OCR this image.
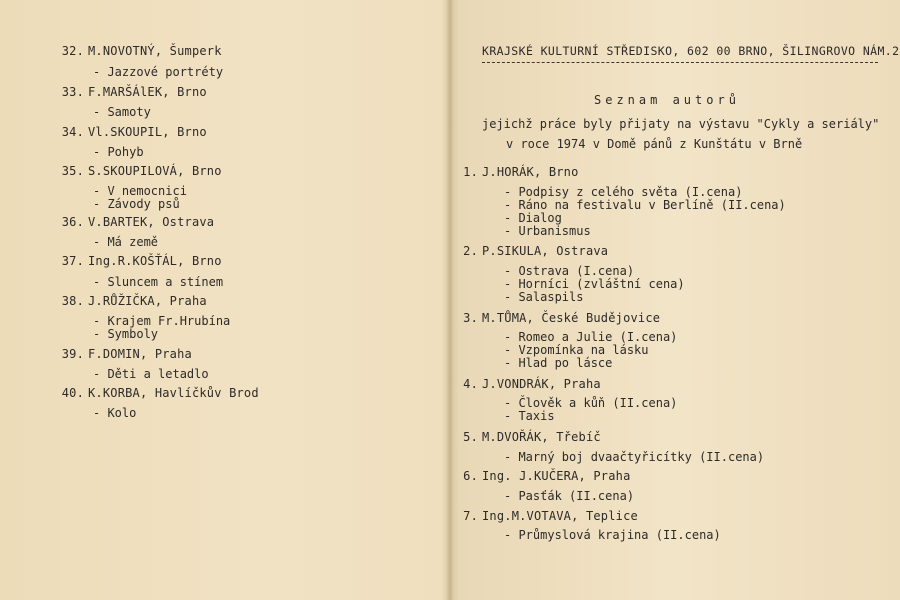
32. M.NOVOTNÝ, Šumperk
- Jazzové portréty
33. F.MARŠÁlEK, Brno
- Samoty
34. Vl.SKOUPIL, Brno
- Pohyb
35. S.SKOUPILOVÁ, Brno
- V nemocnici
- Závody psů
36. V.BARTEK, Ostrava
- Má země
37. Ing.R.KOŠŤÁL, Brno
- Sluncem a stínem
38. J.RŮŽIČKA, Praha
- Krajem Fr.Hrubína
- Symboly
39. F.DOMIN, Praha
- Děti a letadlo
40. K.KORBA, Havlíčkův Brod
- Kolo
KRAJSKÉ KULTURNÍ STŘEDISKO, 602 00 BRNO, ŠILINGROVO NÁM.2
Seznam autorů
jejichž práce byly přijaty na výstavu "Cykly a seriály"
v roce 1974 v Domě pánů z Kunštátu v Brně
1. J.HORÁK, Brno
- Podpisy z celého světa (I.cena)
- Ráno na festivalu v Berlíně (II.cena)
- Dialog
- Urbanismus
2. P.SIKULA, Ostrava
- Ostrava (I.cena)
- Horníci (zvláštní cena)
- Salaspils
3. M.TŮMA, České Budějovice
- Romeo a Julie (I.cena)
- Vzpomínka na lásku
- Hlad po lásce
4. J.VONDRÁK, Praha
- Člověk a kůň (II.cena)
- Taxis
5. M.DVOŘÁK, Třebíč
- Marný boj dvaačtyřicítky (II.cena)
6. Ing. J.KUČERA, Praha
- Pasťák (II.cena)
7. Ing.M.VOTAVA, Teplice
- Průmyslová krajina (II.cena)
